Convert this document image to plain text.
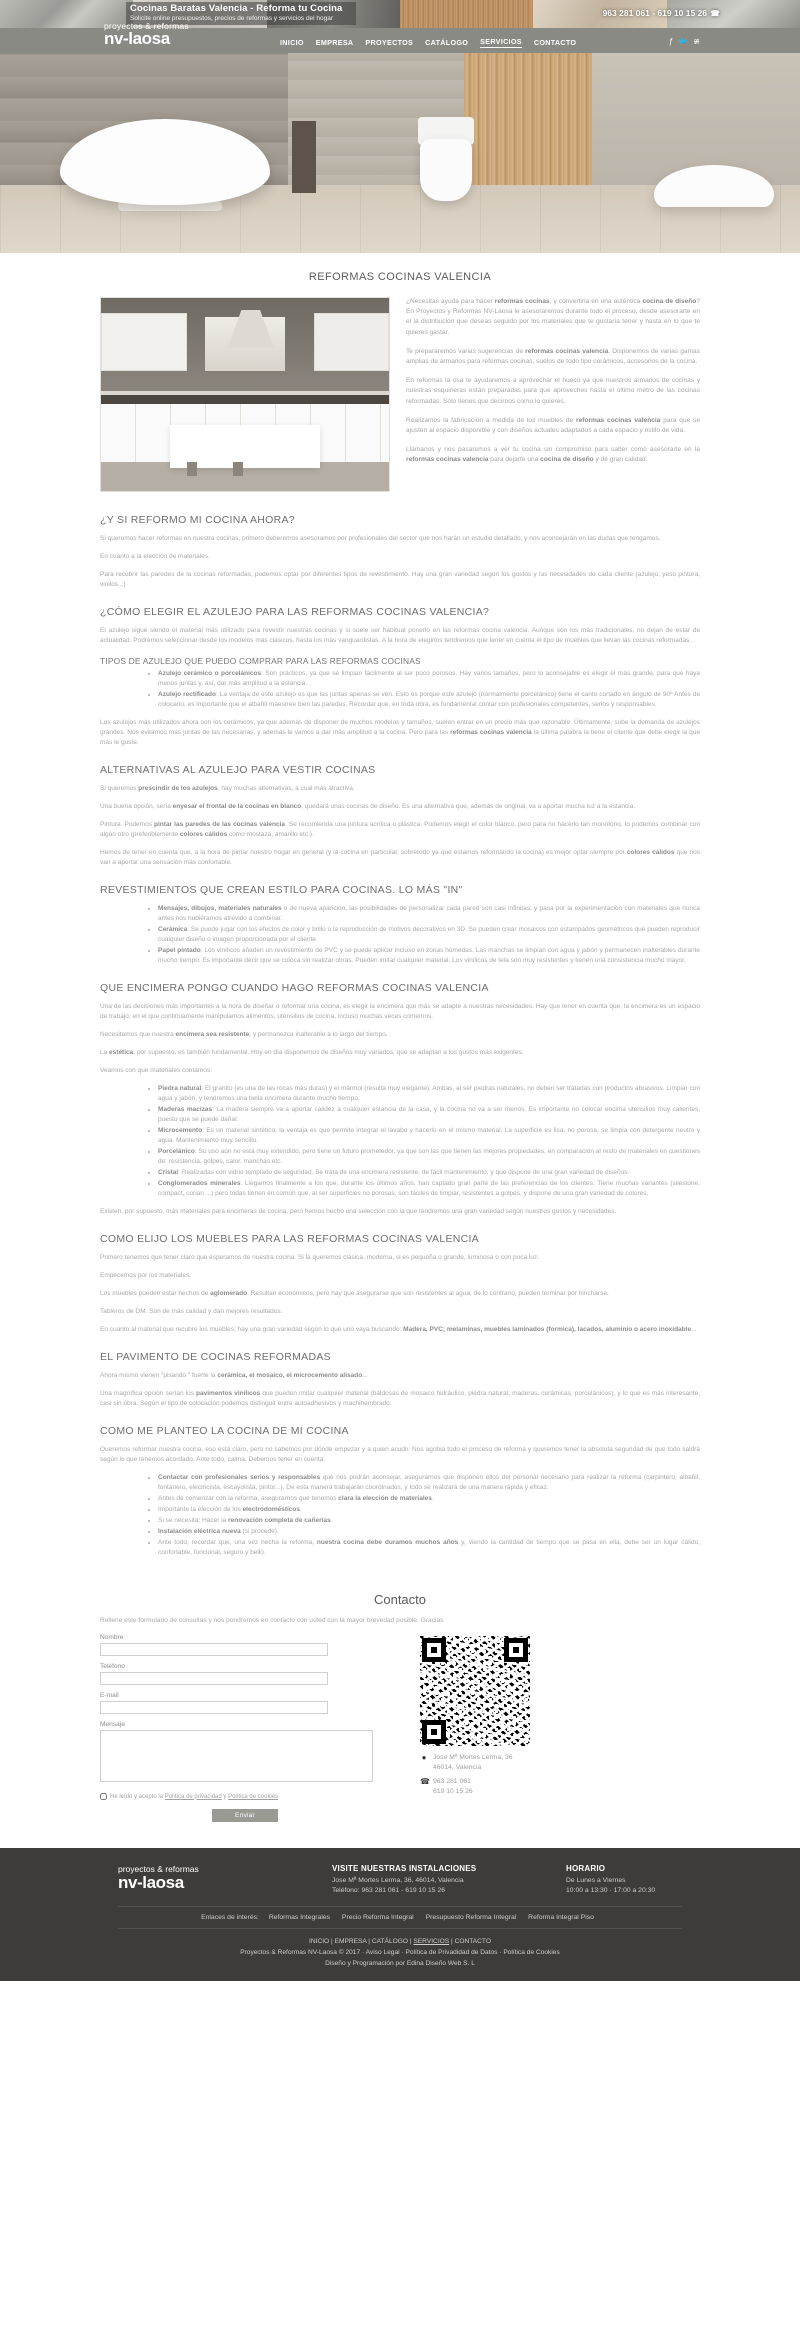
Cocinas Baratas Valencia - Reforma tu Cocina
Solicite online presupuestos, precios de reformas y servicios del hogar
963 281 061 - 619 10 15 26 ☎
proyectos & reformas
nv-laosa	INICIO EMPRESA PROYECTOS CATÁLOGO SERVICIOS CONTACTO	ƒ 🐦 ≇
REFORMAS COCINAS VALENCIA

¿Necesitas ayuda para hacer reformas cocinas, y convertirla en una auténtica cocina de diseño? En Proyectos y Reformas NV-Laosa le asesoraremos durante todo el proceso, desde asesorarte en el la distribución que deseas seguido por los materiales que te gustaría tener y hasta en lo que te quieres gastar.

Te prepararemos varias sugerencias de reformas cocinas valencia. Disponemos de varias gamas amplias de armarios para reformas cocinas, suelos de todo tipo cerámicos, accesorios de la cocina.

En reformas la osa te ayudaremos a aprovechar el hueco ya que nuestros armarios de cocinas y nuestras esquineras están preparadas para que aproveches hasta el último metro de las cocinas reformadas. Sólo tienes que decirnos como lo quieres.

Realizamos la fabricación a medida de los muebles de reformas cocinas valencia para que se ajusten al espacio disponible y con diseños actuales adaptados a cada espacio y estilo de vida.

Llámanos y nos pasaremos a ver tu cocina sin compromiso para saber como asesorarte en la reformas cocinas valencia para dejarte una cocina de diseño y de gran calidad.

¿Y SI REFORMO MI COCINA AHORA?

Si queremos hacer reformas en nuestra cocinas, primero deberemos asesoramos por profesionales del sector que nos harán un estudio detallado, y nos aconsejarán en las dudas que tengamos.

En cuanto a la elección de materiales.

Para recubrir las paredes de la cocinas reformadas, podemos optar por diferentes tipos de revestimiento. Hay una gran variedad según los gustos y las necesidades de cada cliente (azulejo, yeso pintura, vinilos...)

¿CÓMO ELEGIR EL AZULEJO PARA LAS REFORMAS COCINAS VALENCIA?

El azulejo sigue siendo el material más utilizado para revestir nuestras cocinas y si suele ser habitual ponerlo en las reformas cocina valencia. Aunque son los más tradicionales, no dejan de estar de actualidad. Podremos seleccionar desde los modelos más clásicos, hasta los más vanguardistas. A la hora de elegirlos tendremos que tener en cuenta el tipo de muebles que llevan las cocinas reformadas.

TIPOS DE AZULEJO QUE PUEDO COMPRAR PARA LAS REFORMAS COCINAS
• Azulejo cerámico o porcelánicos: Son prácticos, ya que se limpian fácilmente al ser poco porosos. Hay varios tamaños, pero lo aconsejable es elegir el más grande, para que haya menos juntas y, así, dar más amplitud a la estancia.
• Azulejo rectificado: La ventaja de este azulejo es que las juntas apenas se ven. Esto es porque este azulejo (normalmente porcelánico) tiene el canto cortado en ángulo de 90º Antes de colocarlo, es importante que el albañil maestree bien las paredes. Recordar que, en toda obra, es fundamental contar con profesionales competentes, serios y responsables.

Los azulejos más utilizados ahora son los cerámicos, ya que además de disponer de muchos modelos y tamaños, suelen entrar en un precio más que razonable. Últimamente, sube la demanda de azulejos grandes. Nos evitamos más juntas de las necesarias, y además le vamos a dar más amplitud a la cocina. Pero para las reformas cocinas valencia la última palabra la tiene el cliente que debe elegir la que más le guste.

ALTERNATIVAS AL AZULEJO PARA VESTIR COCINAS

Si queremos prescindir de los azulejos, hay muchas alternativas, a cual más atractiva.

Una buena opción, sería enyesar el frontal de la cocinas en blanco, quedará unas cocinas de diseño. Es una alternativa que, además de original, va a aportar mucha luz a la estancia.

Pintura. Podemos pintar las paredes de las cocinas valencia. Se recomienda una pintura acrílica o plástica. Podemos elegir el color blanco, pero para no hacerlo tan monótono, lo podemos combinar con algún otro (preferiblemente colores cálidos como mostaza, amarillo etc.).

Hemos de tener en cuenta que, a la hora de pintar nuestro hogar en general (y la cocina en particular, sobretodo ya que estamos reformando la cocina) es mejor optar siempre por colores cálidos que nos van a aportar una sensación más confortable.

REVESTIMIENTOS QUE CREAN ESTILO PARA COCINAS. LO MÁS "IN"
• Mensajes, dibujos, materiales naturales o de nueva aparición, las posibilidades de personalizar cada pared son casi infinitas, y pasa por la experimentación con materiales que nunca antes nos hubiéramos atrevido a combinar.
• Cerámica: Se puede jugar con los efectos de color y brillo o la reproducción de motivos decorativos en 3D. Se pueden crear mosaicos con estampados geométricos que pueden reproducir cualquier diseño o imagen proporcionada por el cliente.
• Papel pintado: Los vinílicos añaden un revestimiento de PVC y se puede aplicar incluso en zonas húmedas. Las manchas se limpian con agua y jabón y permanecen inalterables durante mucho tiempo. Es importante decir que se coloca sin realizar obras. Pueden imitar cualquier material. Los vinílicos de tela son muy resistentes y tienen una consistencia mucho mayor.
QUE ENCIMERA PONGO CUANDO HAGO REFORMAS COCINAS VALENCIA

Una de las decisiones más importantes a la hora de diseñar o reformar una cocina, es elegir la encimera que más se adapte a nuestras necesidades. Hay que tener en cuenta que, la encimera es un espacio de trabajo, en el que continuamente manipulamos alimentos, utensilios de cocina, incluso muchas veces comemos.

Necesitamos que nuestra encimera sea resistente, y permanezca inalterable a lo largo del tiempo.

La estética, por supuesto, es también fundamental. Hoy en día disponemos de diseños muy variados, que se adaptan a los gustos más exigentes.

Veamos con que materiales contamos:

• Piedra natural: El granito (es una de las rocas más duras) y el mármol (resulta muy elegante). Ambas, al ser piedras naturales, no deben ser tratadas con productos abrasivos. Limpiar con agua y jabón, y tendremos una bella encimera durante mucho tiempo.
• Maderas macizas: La madera siempre va a aportar calidez a cualquier estancia de la casa, y la cocina no va a ser menos. Es importante no colocar encima utensilios muy calientes, puesto que se puede dañar.
• Microcemento: Es un material sintético, la ventaja es que permite integrar el lavabo y hacerlo en el mismo material. La superficie es lisa, no porosa, se limpia con detergente neutro y agua. Mantenimiento muy sencillo.
• Porcelánico: Su uso aún no está muy extendido, pero tiene un futuro prometedor, ya que son las que tienen las mejores propiedades, en comparación al resto de materiales en cuestiones de: resistencia, golpes, calor, manchas etc.
• Cristal: Realizadas con vidrio templado de seguridad. Se trata de una encimera resistente, de fácil mantenimiento, y que dispone de una gran variedad de diseños.
• Conglomerados minerales: Llegamos finalmente a los que, durante los últimos años, han captado gran parte de las preferencias de los clientes. Tiene muchas variantes (silestone, compact, corian ...) pero todas tienen en común que, al ser superficies no porosas, son fáciles de limpiar, resistentes a golpes, y dispone de una gran variedad de colores.

Existen, por supuesto, más materiales para encimeras de cocina, pero hemos hecho una selección con la que tendremos una gran variedad según nuestros gustos y necesidades.

COMO ELIJO LOS MUEBLES PARA LAS REFORMAS COCINAS VALENCIA

Primero tenemos que tener claro que esperamos de nuestra cocina. Si la queremos clásica, moderna, si es pequeña o grande, luminosa o con poca luz.

Empecemos por los materiales.

Los muebles pueden estar hechos de aglomerado. Resultan económicos, pero hay que asegurarse que son resistentes al agua, de lo contrario, pueden terminar por hincharse.

Tableros de DM. Son de más calidad y dan mejores resultados.

En cuanto al material que recubre los muebles, hay una gran variedad según lo que uno vaya buscando: Madera, PVC; melaminas, muebles laminados (formica), lacados, aluminio o acero inoxidable...

EL PAVIMENTO DE COCINAS REFORMADAS

Ahora mismo vienen "pisando " fuerte la cerámica, el mosaico, el microcemento alisado...

Una magnífica opción serían los pavimentos vinílicos que pueden imitar cualquier material (baldosas de mosaico hidráulico, piedra natural, maderas, cerámicas, porcelánicos), y lo que es más interesante, casi sin obra. Según el tipo de colocación podemos distinguir entre autoadhesivos y machihembrado.

COMO ME PLANTEO LA COCINA DE MI COCINA

Queremos reformar nuestra cocina, eso está claro, pero no sabemos por dónde empezar y a quien acudir. Nos agobia todo el proceso de reforma y queremos tener la absoluta seguridad de que todo saldrá según lo que tenemos acordado. Ante todo, calma. Debemos tener en cuenta:

• Contactar con profesionales serios y responsables que nos podrán aconsejar, asegurarnos que disponen ellos del personal necesario para realizar la reforma (carpintero, albañil, fontanero, electricista, escayolista, pintor...). De esta manera trabajarán coordinados, y todo se realizará de una manera rápida y eficaz.
• Antes de comenzar con la reforma, asegurarnos que tenemos clara la elección de materiales.
• Importante la elección de los electrodomésticos.
• Si se necesita: Hacer la renovación completa de cañerías.
• Instalación eléctrica nueva (si procede).
• Ante todo, recordar que, una vez hecha la reforma, nuestra cocina debe duramos muchos años y, viendo la cantidad de tiempo que se pasa en ella, debe ser un lugar cálido, confortable, funcional, seguro y bello.
Contacto

Rellene este formulario de consultas y nos pondremos en contacto con usted con la mayor brevedad posible. Gracias

Nombre
Teléfono
E-mail
Mensaje
He leído y acepto la Política de privacidad y Política de cookies
Enviar
● Jose Mª Mortes Lerma, 36
46014, Valencia
☎ 963 281 061
619 10 15 26
proyectos & reformas
nv-laosa
VISITE NUESTRAS INSTALACIONES
Jose Mª Mortes Lerma, 36, 46014, Valencia
Teléfono: 963 281 061 - 619 10 15 26
HORARIO
De Lunes a Viernes
10:00 a 13:30 · 17:00 a 20:30
Enlaces de interés: Reformas Integrales Precio Reforma Integral Presupuesto Reforma Integral Reforma Integral Piso
INICIO | EMPRESA | CATÁLOGO | SERVICIOS | CONTACTO
Proyectos & Reformas NV-Laosa © 2017 · Aviso Legal · Política de Privadidad de Datos · Política de Cookies
Diseño y Programación por Edina Diseño Web S. L
